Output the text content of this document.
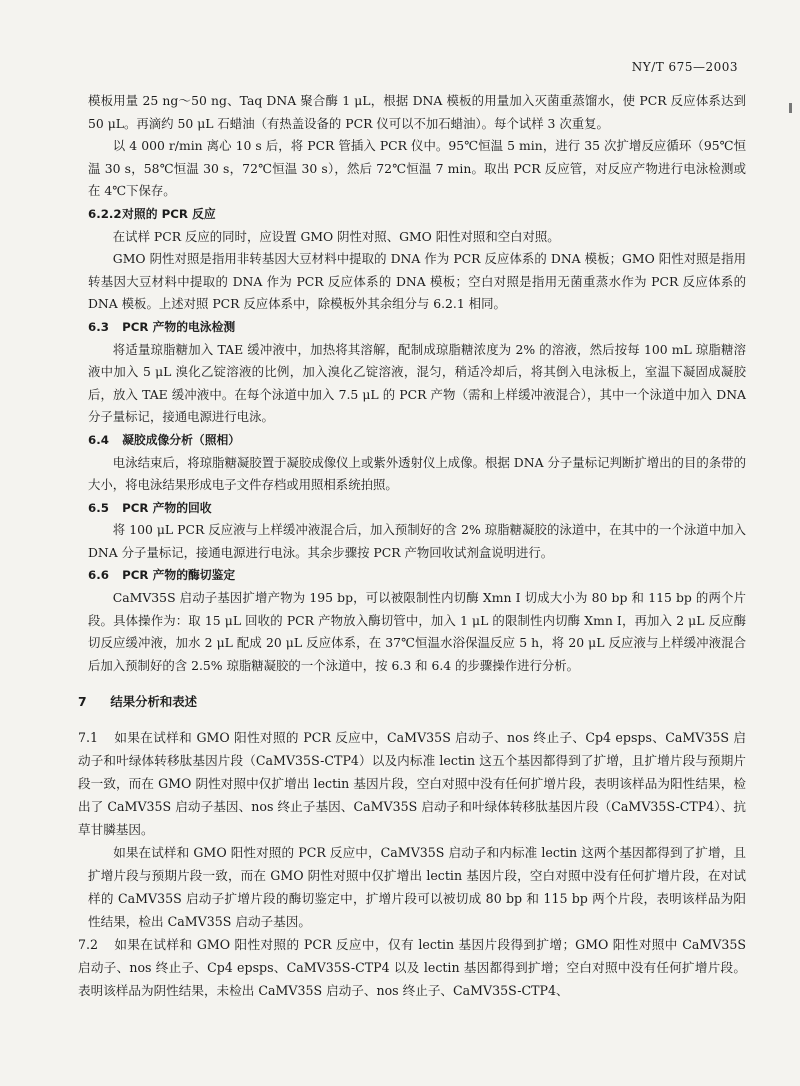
NY/T 675—2003

模板用量 25 ng～50 ng、Taq DNA 聚合酶 1 μL，根据 DNA 模板的用量加入灭菌重蒸馏水，使 PCR 反应体系达到 50 μL。再滴约 50 μL 石蜡油（有热盖设备的 PCR 仪可以不加石蜡油）。每个试样 3 次重复。

以 4 000 r/min 离心 10 s 后，将 PCR 管插入 PCR 仪中。95℃恒温 5 min，进行 35 次扩增反应循环（95℃恒温 30 s，58℃恒温 30 s，72℃恒温 30 s），然后 72℃恒温 7 min。取出 PCR 反应管，对反应产物进行电泳检测或在 4℃下保存。

6.2.2 对照的 PCR 反应

在试样 PCR 反应的同时，应设置 GMO 阴性对照、GMO 阳性对照和空白对照。

GMO 阴性对照是指用非转基因大豆材料中提取的 DNA 作为 PCR 反应体系的 DNA 模板；GMO 阳性对照是指用转基因大豆材料中提取的 DNA 作为 PCR 反应体系的 DNA 模板；空白对照是指用无菌重蒸水作为 PCR 反应体系的 DNA 模板。上述对照 PCR 反应体系中，除模板外其余组分与 6.2.1 相同。

6.3 PCR 产物的电泳检测

将适量琼脂糖加入 TAE 缓冲液中，加热将其溶解，配制成琼脂糖浓度为 2% 的溶液，然后按每 100 mL 琼脂糖溶液中加入 5 μL 溴化乙锭溶液的比例，加入溴化乙锭溶液，混匀，稍适冷却后，将其倒入电泳板上，室温下凝固成凝胶后，放入 TAE 缓冲液中。在每个泳道中加入 7.5 μL 的 PCR 产物（需和上样缓冲液混合），其中一个泳道中加入 DNA 分子量标记，接通电源进行电泳。

6.4 凝胶成像分析（照相）

电泳结束后，将琼脂糖凝胶置于凝胶成像仪上或紫外透射仪上成像。根据 DNA 分子量标记判断扩增出的目的条带的大小，将电泳结果形成电子文件存档或用照相系统拍照。

6.5 PCR 产物的回收

将 100 μL PCR 反应液与上样缓冲液混合后，加入预制好的含 2% 琼脂糖凝胶的泳道中，在其中的一个泳道中加入 DNA 分子量标记，接通电源进行电泳。其余步骤按 PCR 产物回收试剂盒说明进行。

6.6 PCR 产物的酶切鉴定

CaMV35S 启动子基因扩增产物为 195 bp，可以被限制性内切酶 Xmn Ⅰ 切成大小为 80 bp 和 115 bp 的两个片段。具体操作为：取 15 μL 回收的 PCR 产物放入酶切管中，加入 1 μL 的限制性内切酶 Xmn Ⅰ，再加入 2 μL 反应酶切反应缓冲液，加水 2 μL 配成 20 μL 反应体系，在 37℃恒温水浴保温反应 5 h，将 20 μL 反应液与上样缓冲液混合后加入预制好的含 2.5% 琼脂糖凝胶的一个泳道中，按 6.3 和 6.4 的步骤操作进行分析。

7 结果分析和表述

7.1 如果在试样和 GMO 阳性对照的 PCR 反应中，CaMV35S 启动子、nos 终止子、Cp4 epsps、CaMV35S 启动子和叶绿体转移肽基因片段（CaMV35S-CTP4）以及内标准 lectin 这五个基因都得到了扩增，且扩增片段与预期片段一致，而在 GMO 阴性对照中仅扩增出 lectin 基因片段，空白对照中没有任何扩增片段，表明该样品为阳性结果，检出了 CaMV35S 启动子基因、nos 终止子基因、CaMV35S 启动子和叶绿体转移肽基因片段（CaMV35S-CTP4）、抗草甘膦基因。

如果在试样和 GMO 阳性对照的 PCR 反应中，CaMV35S 启动子和内标准 lectin 这两个基因都得到了扩增，且扩增片段与预期片段一致，而在 GMO 阴性对照中仅扩增出 lectin 基因片段，空白对照中没有任何扩增片段，在对试样的 CaMV35S 启动子扩增片段的酶切鉴定中，扩增片段可以被切成 80 bp 和 115 bp 两个片段，表明该样品为阳性结果，检出 CaMV35S 启动子基因。

7.2 如果在试样和 GMO 阳性对照的 PCR 反应中，仅有 lectin 基因片段得到扩增；GMO 阳性对照中 CaMV35S 启动子、nos 终止子、Cp4 epsps、CaMV35S-CTP4 以及 lectin 基因都得到扩增；空白对照中没有任何扩增片段。表明该样品为阴性结果，未检出 CaMV35S 启动子、nos 终止子、CaMV35S-CTP4、
